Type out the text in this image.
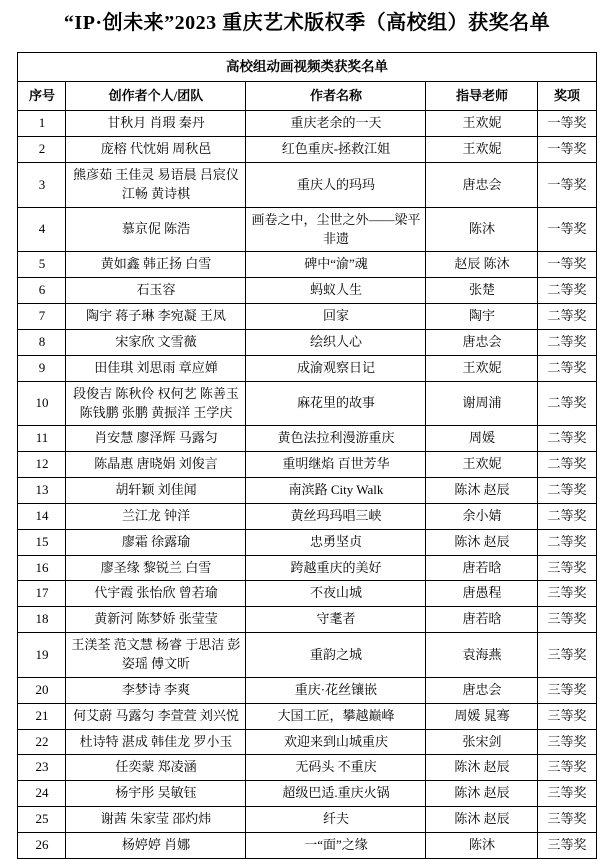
“IP·创未来”2023 重庆艺术版权季（高校组）获奖名单
高校组动画视频类获奖名单				
序号	创作者个人/团队	作者名称	指导老师	奖项
1	甘秋月 肖瑕 秦丹	重庆老余的一天	王欢妮	一等奖
2	庞榕 代忱娟 周秋邑	红色重庆-拯救江姐	王欢妮	一等奖
3	熊彦茹 王佳灵 易语晨 吕宸仪 江畅 黄诗棋	重庆人的玛玛	唐忠会	一等奖
4	慕京伲 陈浩	画卷之中，尘世之外——梁平非遗	陈沐	一等奖
5	黄如鑫 韩正扬 白雪	碑中“渝”魂	赵辰 陈沐	一等奖
6	石玉容	蚂蚁人生	张楚	二等奖
7	陶宇 蒋子琳 李宛凝 王凤	回家	陶宇	二等奖
8	宋家欣 文雪薇	绘织人心	唐忠会	二等奖
9	田佳琪 刘思雨 章应婵	成渝观察日记	王欢妮	二等奖
10	段俊吉 陈秋伶 权何艺 陈善玉 陈钱鹏 张鹏 黄振洋 王学庆	麻花里的故事	谢周浦	二等奖
11	肖安慧 廖泽辉 马露匀	黄色法拉利漫游重庆	周媛	二等奖
12	陈晶惠 唐晓娟 刘俊言	重明继焰 百世芳华	王欢妮	二等奖
13	胡轩颖 刘佳闻	南滨路 City Walk	陈沐 赵辰	二等奖
14	兰江龙 钟洋	黄丝玛玛唱三峡	余小婧	二等奖
15	廖霜 徐露瑜	忠勇坚贞	陈沐 赵辰	二等奖
16	廖圣缘 黎锐兰 白雪	跨越重庆的美好	唐若晗	三等奖
17	代宇霞 张怡欣 曾若瑜	不夜山城	唐愚程	三等奖
18	黄新河 陈梦娇 张莹莹	守耄者	唐若晗	三等奖
19	王渼荃 范文慧 杨睿 于思洁 彭姿瑶 傅文昕	重韵之城	袁海燕	三等奖
20	李梦诗 李爽	重庆·花丝镶嵌	唐忠会	三等奖
21	何艾蔚 马露匀 李萱萱 刘兴悦	大国工匠，攀越巅峰	周媛 晁骞	三等奖
22	杜诗特 湛成 韩佳龙 罗小玉	欢迎来到山城重庆	张宋剑	三等奖
23	任奕蒙 郑凌涵	无码头 不重庆	陈沐 赵辰	三等奖
24	杨宇彤 吴敏钰	超级巴适.重庆火锅	陈沐 赵辰	三等奖
25	谢茜 朱家莹 邵灼炜	纤夫	陈沐 赵辰	三等奖
26	杨婷婷 肖娜	一“面”之缘	陈沐	三等奖
